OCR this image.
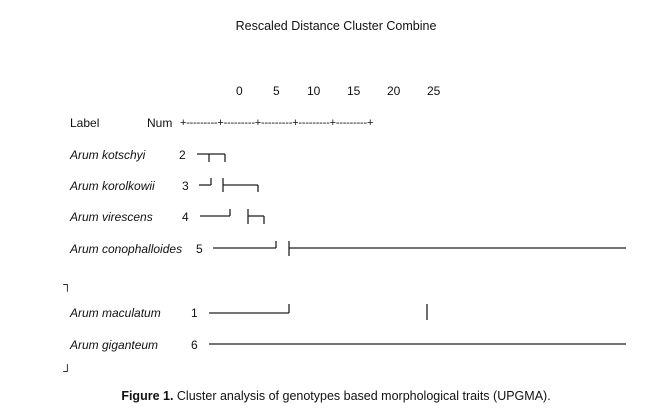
Rescaled Distance Cluster Combine
0	5 10 15 20 25
Label	Num +---------+---------+---------+---------+---------+
Arum kotschyi	2
Arum korolkowii 3
Arum virescens 4
Arum conophalloides 5
┐
Arum maculatum	1
Arum giganteum	6
┘
Figure 1. Cluster analysis of genotypes based morphological traits (UPGMA).
